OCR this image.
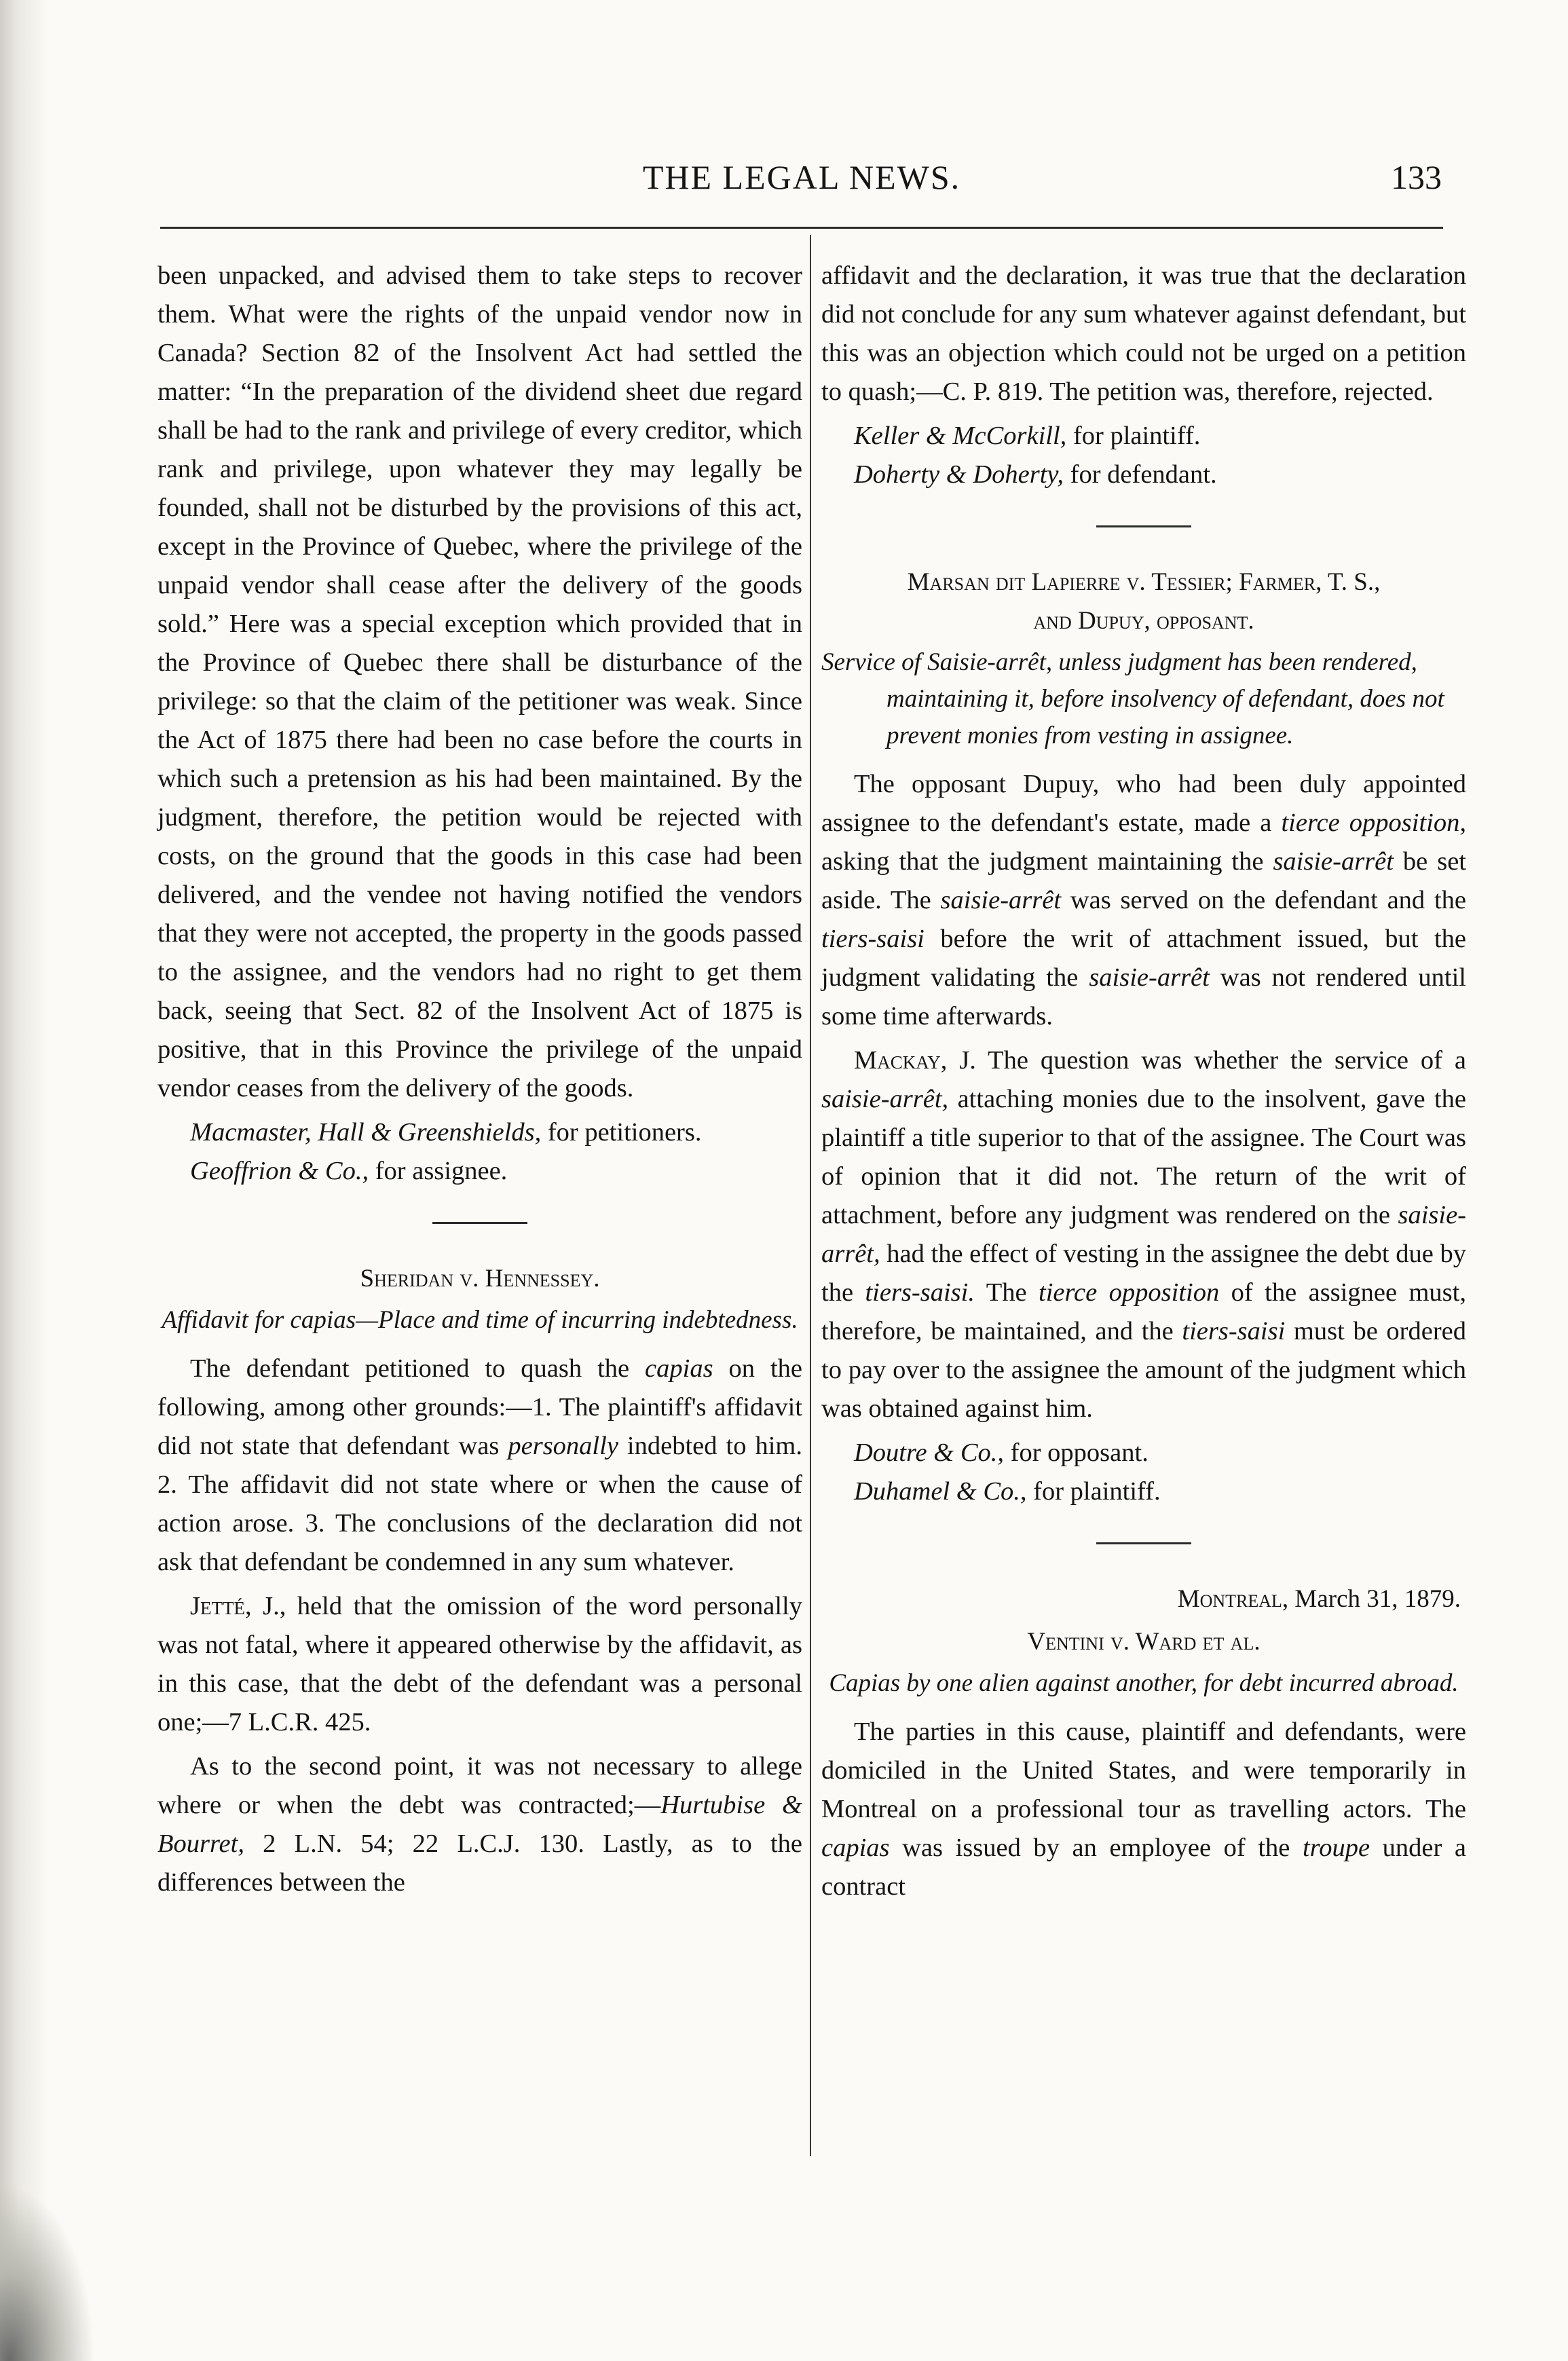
THE LEGAL NEWS.	133

been unpacked, and advised them to take steps to recover them. What were the rights of the unpaid vendor now in Canada? Section 82 of the Insolvent Act had settled the matter: “In the preparation of the dividend sheet due regard shall be had to the rank and privilege of every creditor, which rank and privilege, upon whatever they may legally be founded, shall not be disturbed by the provisions of this act, except in the Province of Quebec, where the privilege of the unpaid vendor shall cease after the delivery of the goods sold.” Here was a special exception which provided that in the Province of Quebec there shall be disturbance of the privilege: so that the claim of the petitioner was weak. Since the Act of 1875 there had been no case before the courts in which such a pretension as his had been maintained. By the judgment, therefore, the petition would be rejected with costs, on the ground that the goods in this case had been delivered, and the vendee not having notified the vendors that they were not accepted, the property in the goods passed to the assignee, and the vendors had no right to get them back, seeing that Sect. 82 of the Insolvent Act of 1875 is positive, that in this Province the privilege of the unpaid vendor ceases from the delivery of the goods.

Macmaster, Hall & Greenshields, for petitioners.

Geoffrion & Co., for assignee.

Sheridan v. Hennessey.

Affidavit for capias—Place and time of incurring indebtedness.

The defendant petitioned to quash the capias on the following, among other grounds:—1. The plaintiff's affidavit did not state that defendant was personally indebted to him. 2. The affidavit did not state where or when the cause of action arose. 3. The conclusions of the declaration did not ask that defendant be condemned in any sum whatever.

Jetté, J., held that the omission of the word personally was not fatal, where it appeared otherwise by the affidavit, as in this case, that the debt of the defendant was a personal one;—7 L.C.R. 425.

As to the second point, it was not necessary to allege where or when the debt was contracted;—Hurtubise & Bourret, 2 L.N. 54; 22 L.C.J. 130. Lastly, as to the differences between the

affidavit and the declaration, it was true that the declaration did not conclude for any sum whatever against defendant, but this was an objection which could not be urged on a petition to quash;—C. P. 819. The petition was, therefore, rejected.

Keller & McCorkill, for plaintiff.

Doherty & Doherty, for defendant.

Marsan dit Lapierre v. Tessier; Farmer, T. S.,

and Dupuy, opposant.

Service of Saisie-arrêt, unless judgment has been rendered, maintaining it, before insolvency of defendant, does not prevent monies from vesting in assignee.

The opposant Dupuy, who had been duly appointed assignee to the defendant's estate, made a tierce opposition, asking that the judgment maintaining the saisie-arrêt be set aside. The saisie-arrêt was served on the defendant and the tiers-saisi before the writ of attachment issued, but the judgment validating the saisie-arrêt was not rendered until some time afterwards.

Mackay, J. The question was whether the service of a saisie-arrêt, attaching monies due to the insolvent, gave the plaintiff a title superior to that of the assignee. The Court was of opinion that it did not. The return of the writ of attachment, before any judgment was rendered on the saisie-arrêt, had the effect of vesting in the assignee the debt due by the tiers-saisi. The tierce opposition of the assignee must, therefore, be maintained, and the tiers-saisi must be ordered to pay over to the assignee the amount of the judgment which was obtained against him.

Doutre & Co., for opposant.

Duhamel & Co., for plaintiff.

Montreal, March 31, 1879.

Ventini v. Ward et al.

Capias by one alien against another, for debt incurred abroad.

The parties in this cause, plaintiff and defendants, were domiciled in the United States, and were temporarily in Montreal on a professional tour as travelling actors. The capias was issued by an employee of the troupe under a contract
